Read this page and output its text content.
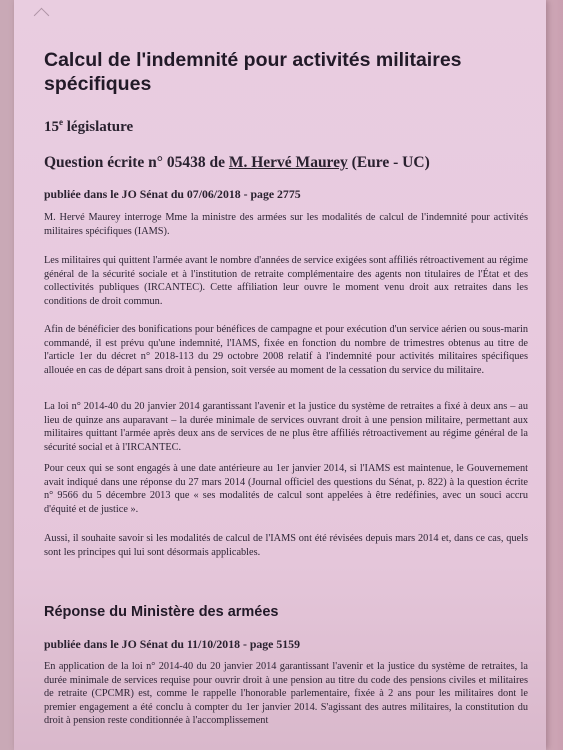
Calcul de l'indemnité pour activités militaires spécifiques
15e législature
Question écrite n° 05438 de M. Hervé Maurey (Eure - UC)
publiée dans le JO Sénat du 07/06/2018 - page 2775

M. Hervé Maurey interroge Mme la ministre des armées sur les modalités de calcul de l'indemnité pour activités militaires spécifiques (IAMS).

Les militaires qui quittent l'armée avant le nombre d'années de service exigées sont affiliés rétroactivement au régime général de la sécurité sociale et à l'institution de retraite complémentaire des agents non titulaires de l'État et des collectivités publiques (IRCANTEC). Cette affiliation leur ouvre le moment venu droit aux retraites dans les conditions de droit commun.

Afin de bénéficier des bonifications pour bénéfices de campagne et pour exécution d'un service aérien ou sous-marin commandé, il est prévu qu'une indemnité, l'IAMS, fixée en fonction du nombre de trimestres obtenus au titre de l'article 1er du décret n° 2018-113 du 29 octobre 2008 relatif à l'indemnité pour activités militaires spécifiques allouée en cas de départ sans droit à pension, soit versée au moment de la cessation du service du militaire.

La loi n° 2014-40 du 20 janvier 2014 garantissant l'avenir et la justice du système de retraites a fixé à deux ans – au lieu de quinze ans auparavant – la durée minimale de services ouvrant droit à une pension militaire, permettant aux militaires quittant l'armée après deux ans de services de ne plus être affiliés rétroactivement au régime général de la sécurité social et à l'IRCANTEC.

Pour ceux qui se sont engagés à une date antérieure au 1er janvier 2014, si l'IAMS est maintenue, le Gouvernement avait indiqué dans une réponse du 27 mars 2014 (Journal officiel des questions du Sénat, p. 822) à la question écrite n° 9566 du 5 décembre 2013 que « ses modalités de calcul sont appelées à être redéfinies, avec un souci accru d'équité et de justice ».

Aussi, il souhaite savoir si les modalités de calcul de l'IAMS ont été révisées depuis mars 2014 et, dans ce cas, quels sont les principes qui lui sont désormais applicables.

Réponse du Ministère des armées
publiée dans le JO Sénat du 11/10/2018 - page 5159

En application de la loi n° 2014-40 du 20 janvier 2014 garantissant l'avenir et la justice du système de retraites, la durée minimale de services requise pour ouvrir droit à une pension au titre du code des pensions civiles et militaires de retraite (CPCMR) est, comme le rappelle l'honorable parlementaire, fixée à 2 ans pour les militaires dont le premier engagement a été conclu à compter du 1er janvier 2014. S'agissant des autres militaires, la constitution du droit à pension reste conditionnée à l'accomplissement
